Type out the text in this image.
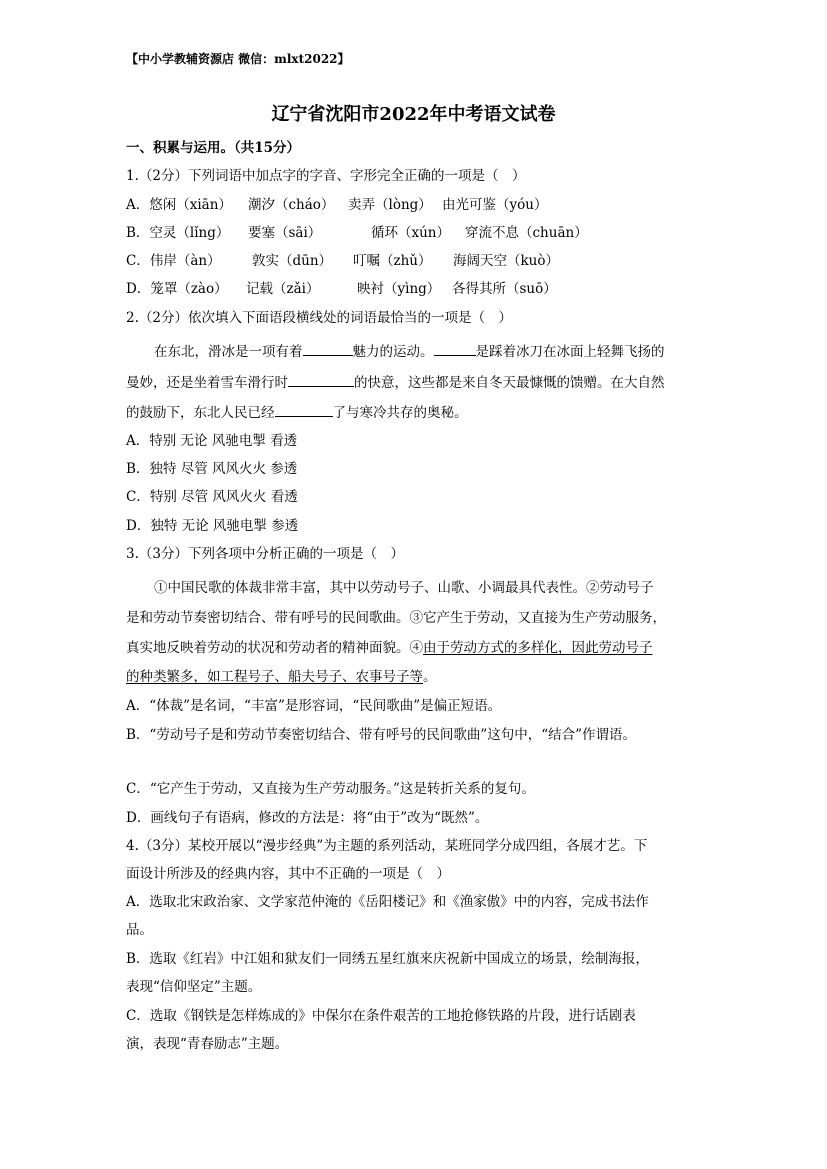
【中小学教辅资源店 微信：mlxt2022】
辽宁省沈阳市2022年中考语文试卷
一、积累与运用。（共15分）
1.（2分）下列词语中加点字的字音、字形完全正确的一项是（　）
A．悠闲（xiān） 潮汐（cháo） 卖弄（lòng） 由光可鉴（yóu）
B．空灵（lǐng） 要塞（sāi）	循环（xún） 穿流不息（chuān）
C．伟岸（àn） 敦实（dūn） 叮嘱（zhǔ） 海阔天空（kuò）
D．笼罩（zào） 记载（zǎi）	映衬（yìng） 各得其所（suō）
2.（2分）依次填入下面语段横线处的词语最恰当的一项是（　）
在东北，滑冰是一项有着	魅力的运动。	是踩着冰刀在冰面上轻舞飞扬的
曼妙，还是坐着雪车滑行时	的快意，这些都是来自冬天最慷慨的馈赠。在大自然
的鼓励下，东北人民已经	了与寒冷共存的奥秘。
A．特别 无论 风驰电掣 看透
B．独特 尽管 风风火火 参透
C．特别 尽管 风风火火 看透
D．独特 无论 风驰电掣 参透
3.（3分）下列各项中分析正确的一项是（　）
①中国民歌的体裁非常丰富，其中以劳动号子、山歌、小调最具代表性。②劳动号子
是和劳动节奏密切结合、带有呼号的民间歌曲。③它产生于劳动，又直接为生产劳动服务，
真实地反映着劳动的状况和劳动者的精神面貌。④由于劳动方式的多样化，因此劳动号子
的种类繁多，如工程号子、船夫号子、农事号子等。
A．“体裁”是名词，“丰富”是形容词，“民间歌曲”是偏正短语。
B．“劳动号子是和劳动节奏密切结合、带有呼号的民间歌曲”这句中，“结合”作谓语。
C．“它产生于劳动，又直接为生产劳动服务。”这是转折关系的复句。
D．画线句子有语病，修改的方法是：将“由于”改为“既然”。
4.（3分）某校开展以“漫步经典”为主题的系列活动，某班同学分成四组，各展才艺。下
面设计所涉及的经典内容，其中不正确的一项是（　）
A．选取北宋政治家、文学家范仲淹的《岳阳楼记》和《渔家傲》中的内容，完成书法作
品。
B．选取《红岩》中江姐和狱友们一同绣五星红旗来庆祝新中国成立的场景，绘制海报，
表现“信仰坚定”主题。
C．选取《钢铁是怎样炼成的》中保尔在条件艰苦的工地抢修铁路的片段，进行话剧表
演，表现“青春励志”主题。
